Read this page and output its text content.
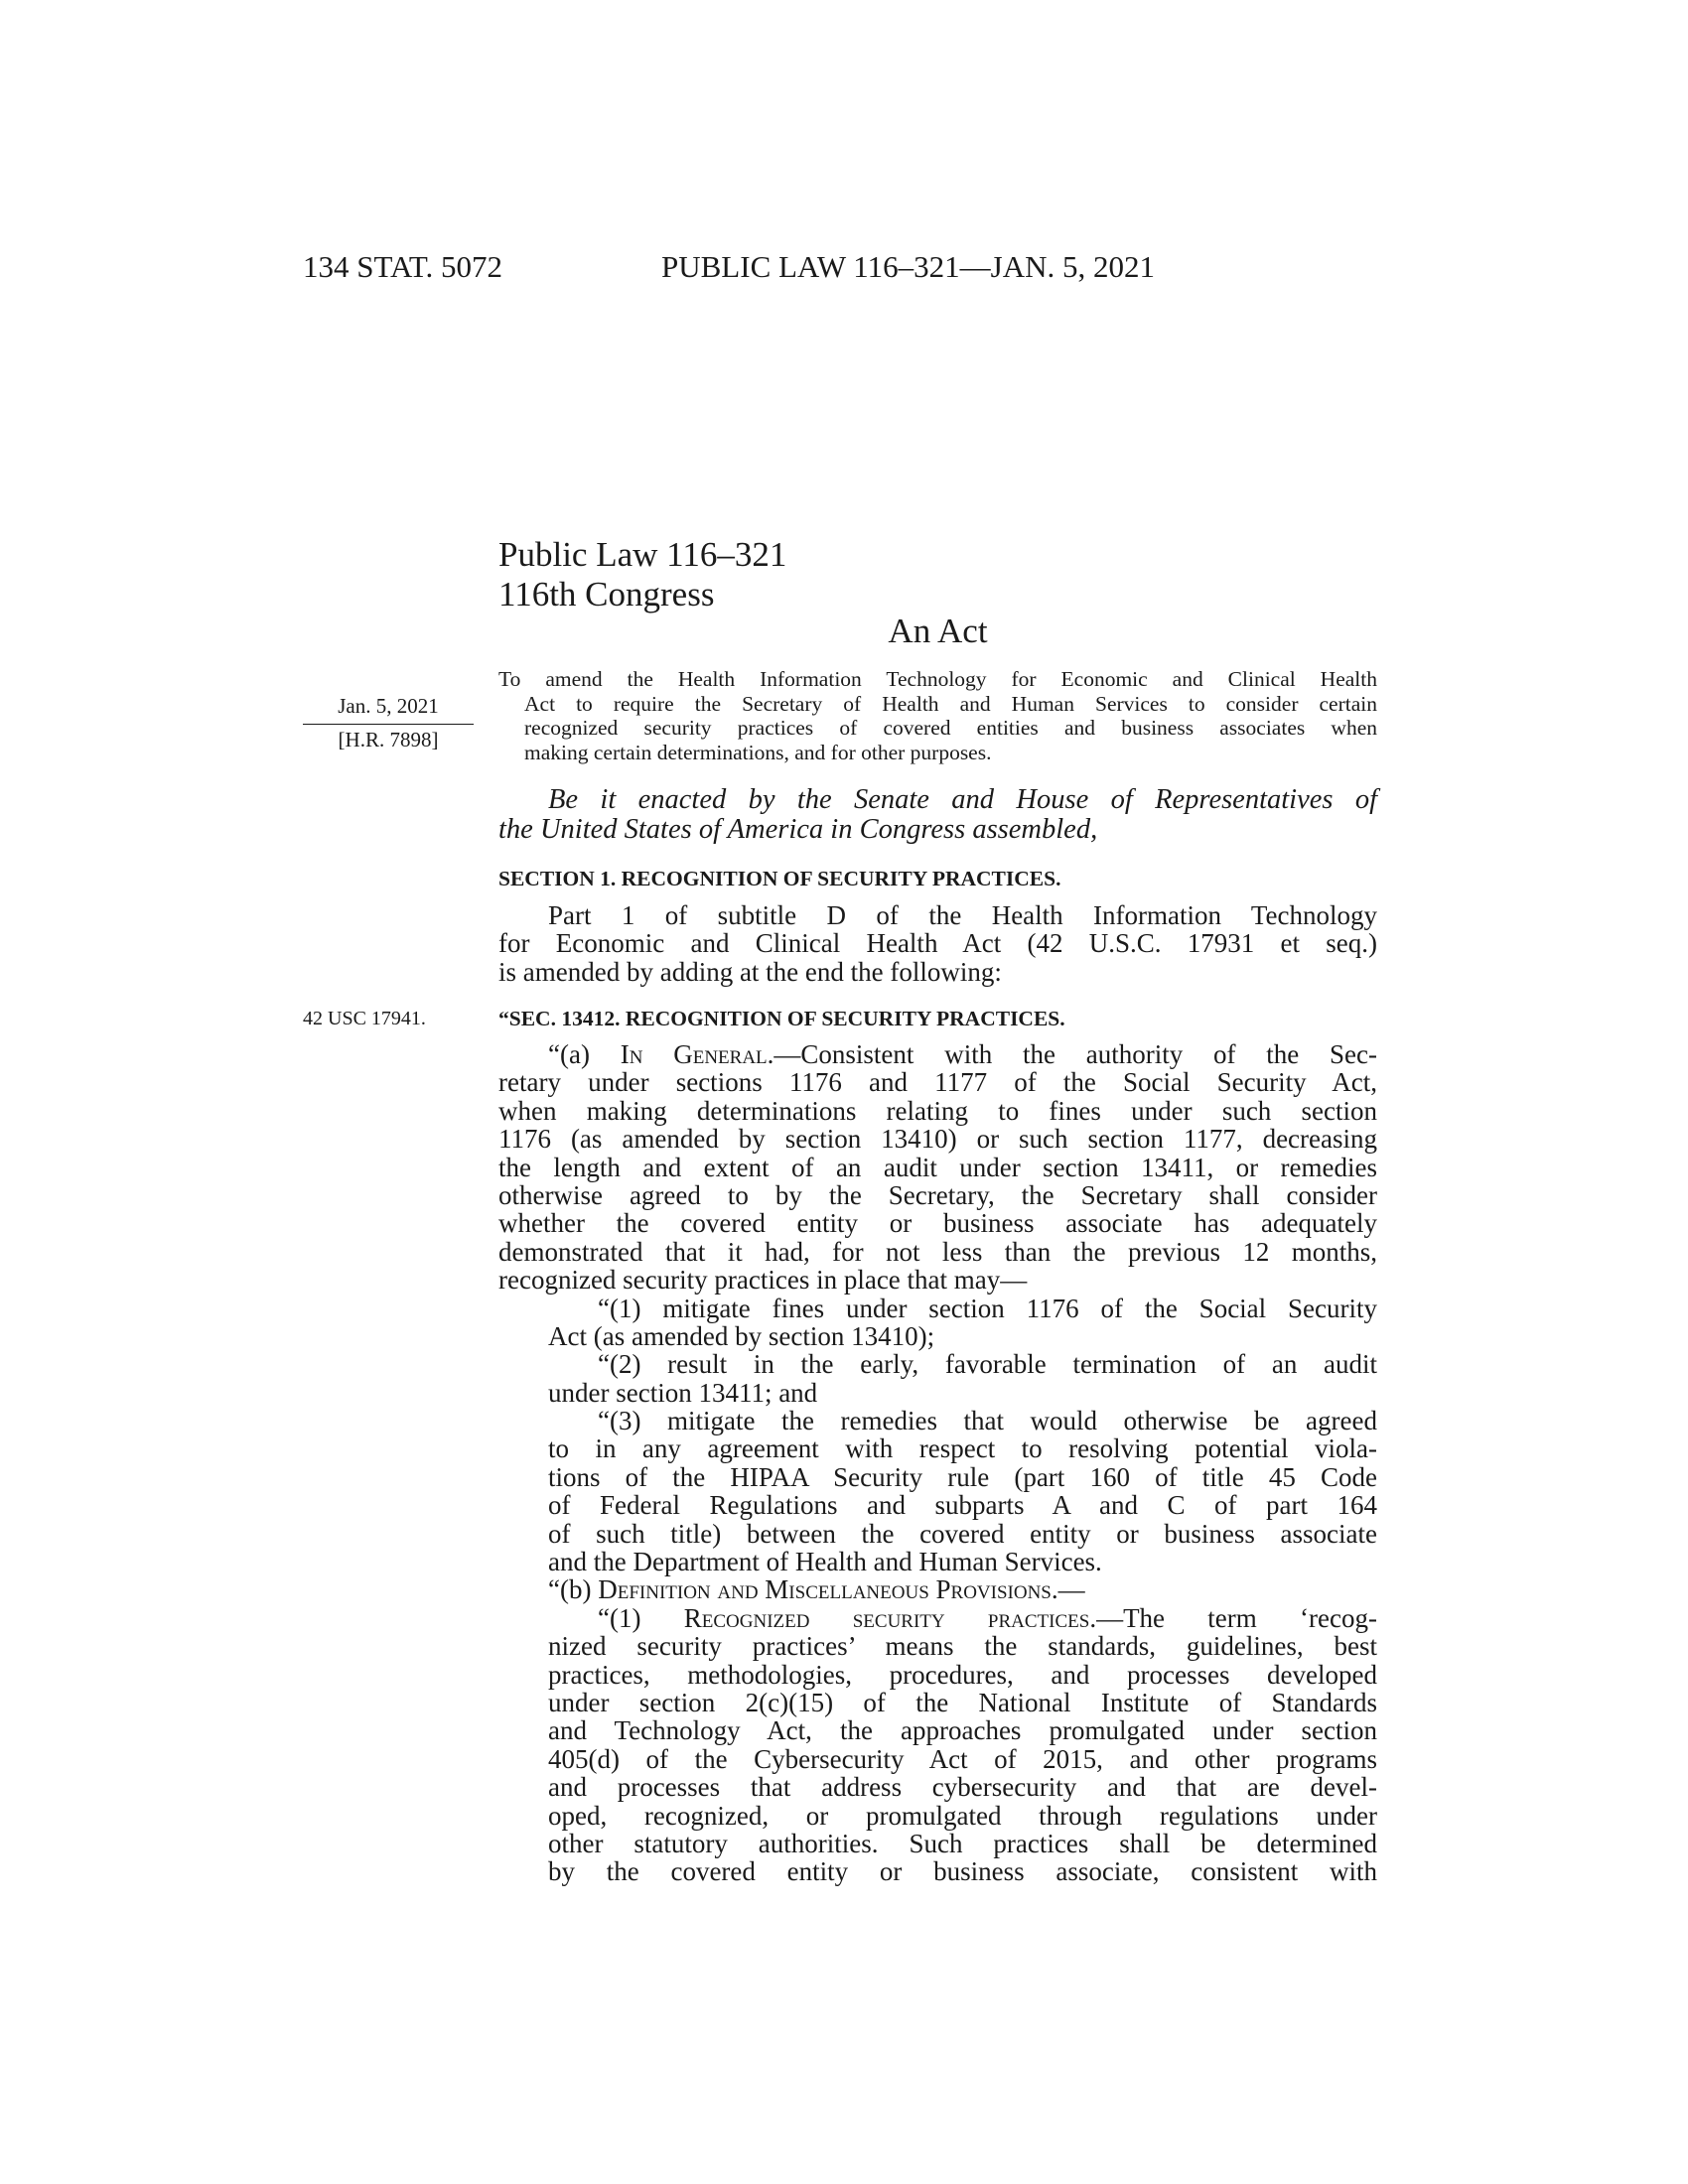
134 STAT. 5072	PUBLIC LAW 116–321—JAN. 5, 2021
Public Law 116–321
116th Congress
An Act
Jan. 5, 2021
[H.R. 7898]
42 USC 17941.
To amend the Health Information Technology for Economic and Clinical Health
Act to require the Secretary of Health and Human Services to consider certain
recognized security practices of covered entities and business associates when
making certain determinations, and for other purposes.
Be it enacted by the Senate and House of Representatives of
the United States of America in Congress assembled,
SECTION 1. RECOGNITION OF SECURITY PRACTICES.
Part 1 of subtitle D of the Health Information Technology
for Economic and Clinical Health Act (42 U.S.C. 17931 et seq.)
is amended by adding at the end the following:
“SEC. 13412. RECOGNITION OF SECURITY PRACTICES.
“(a) In General.—Consistent with the authority of the Sec-
retary under sections 1176 and 1177 of the Social Security Act,
when making determinations relating to fines under such section
1176 (as amended by section 13410) or such section 1177, decreasing
the length and extent of an audit under section 13411, or remedies
otherwise agreed to by the Secretary, the Secretary shall consider
whether the covered entity or business associate has adequately
demonstrated that it had, for not less than the previous 12 months,
recognized security practices in place that may—
“(1) mitigate fines under section 1176 of the Social Security
Act (as amended by section 13410);
“(2) result in the early, favorable termination of an audit
under section 13411; and
“(3) mitigate the remedies that would otherwise be agreed
to in any agreement with respect to resolving potential viola-
tions of the HIPAA Security rule (part 160 of title 45 Code
of Federal Regulations and subparts A and C of part 164
of such title) between the covered entity or business associate
and the Department of Health and Human Services.
“(b) Definition and Miscellaneous Provisions.—
“(1) Recognized security practices.—The term ‘recog-
nized security practices’ means the standards, guidelines, best
practices, methodologies, procedures, and processes developed
under section 2(c)(15) of the National Institute of Standards
and Technology Act, the approaches promulgated under section
405(d) of the Cybersecurity Act of 2015, and other programs
and processes that address cybersecurity and that are devel-
oped, recognized, or promulgated through regulations under
other statutory authorities. Such practices shall be determined
by the covered entity or business associate, consistent with
